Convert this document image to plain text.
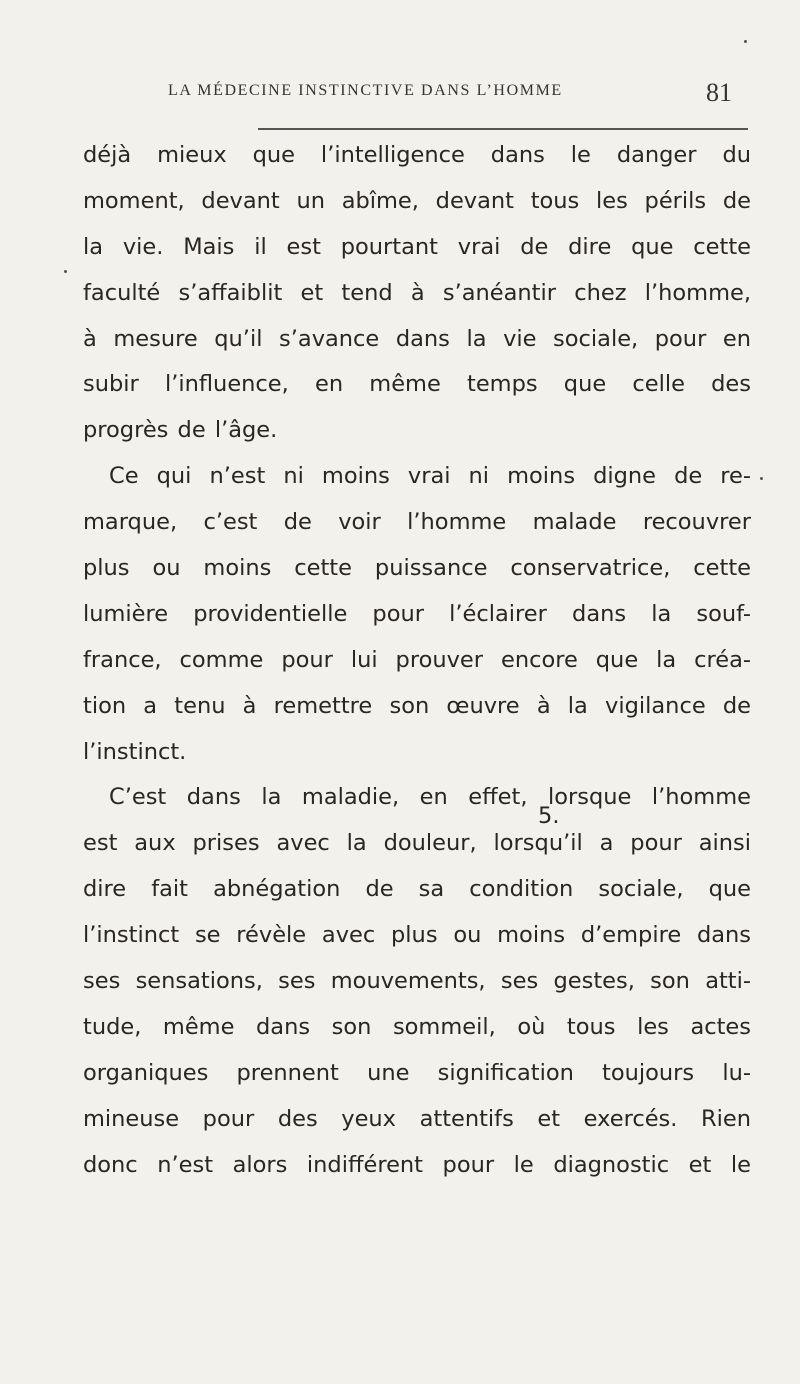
LA MÉDECINE INSTINCTIVE DANS L’HOMME	81
déjà mieux que l’intelligence dans le danger du
moment, devant un abîme, devant tous les périls de
la vie. Mais il est pourtant vrai de dire que cette
faculté s’affaiblit et tend à s’anéantir chez l’homme,
à mesure qu’il s’avance dans la vie sociale, pour en
subir l’influence, en même temps que celle des
progrès de l’âge.
Ce qui n’est ni moins vrai ni moins digne de re-
marque, c’est de voir l’homme malade recouvrer
plus ou moins cette puissance conservatrice, cette
lumière providentielle pour l’éclairer dans la souf-
france, comme pour lui prouver encore que la créa-
tion a tenu à remettre son œuvre à la vigilance de
l’instinct.
C’est dans la maladie, en effet, lorsque l’homme
est aux prises avec la douleur, lorsqu’il a pour ainsi
dire fait abnégation de sa condition sociale, que
l’instinct se révèle avec plus ou moins d’empire dans
ses sensations, ses mouvements, ses gestes, son atti-
tude, même dans son sommeil, où tous les actes
organiques prennent une signification toujours lu-
mineuse pour des yeux attentifs et exercés. Rien
donc n’est alors indifférent pour le diagnostic et le
5.
